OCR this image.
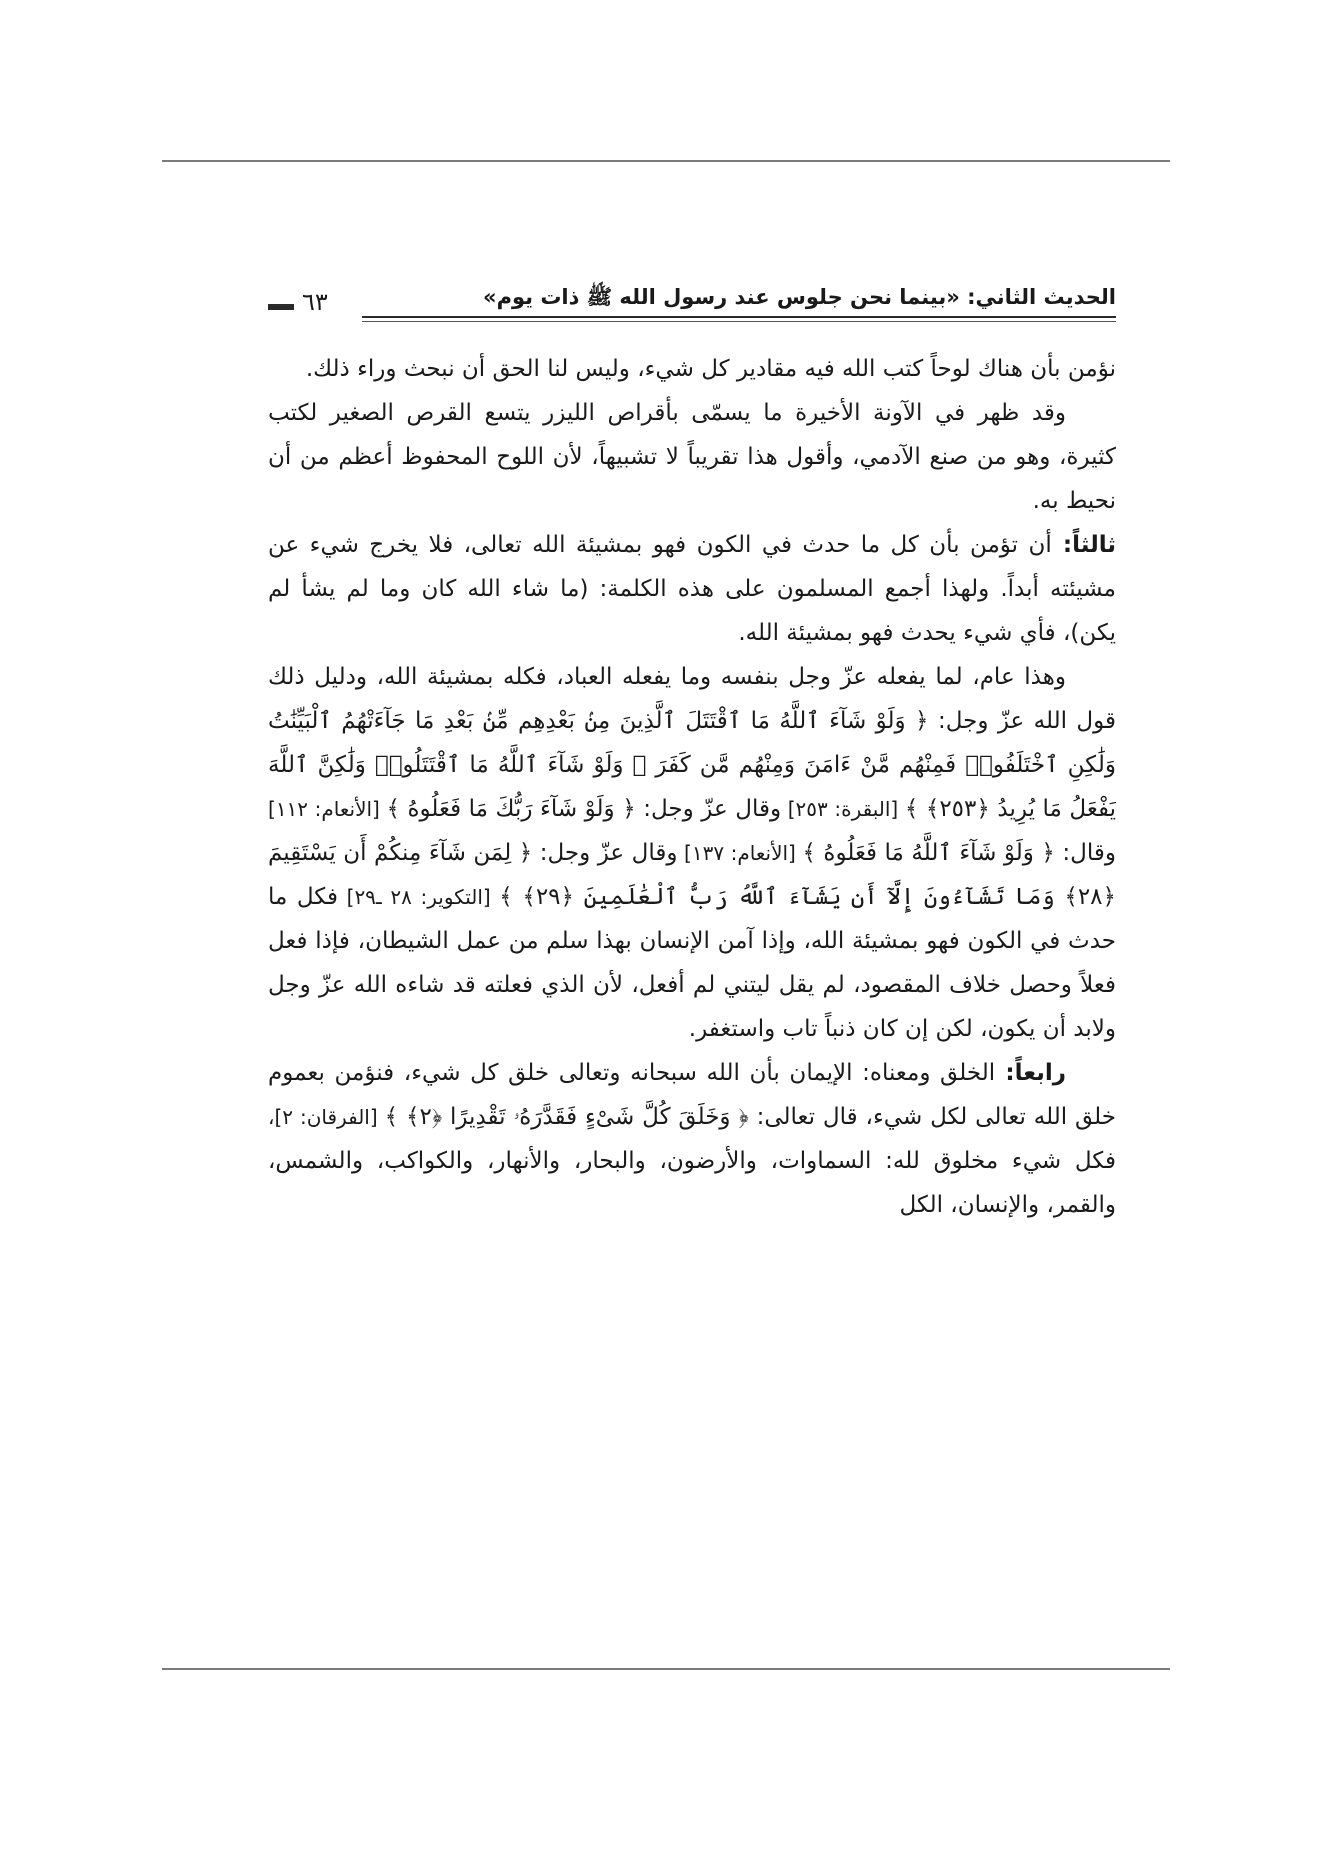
الحديث الثاني: «بينما نحن جلوس عند رسول الله ﷺ ذات يوم»
٦٣

نؤمن بأن هناك لوحاً كتب الله فيه مقادير كل شيء، وليس لنا الحق أن نبحث وراء ذلك.

وقد ظهر في الآونة الأخيرة ما يسمّى بأقراص الليزر يتسع القرص الصغير لكتب كثيرة، وهو من صنع الآدمي، وأقول هذا تقريباً لا تشبيهاً، لأن اللوح المحفوظ أعظم من أن نحيط به.

ثالثاً: أن تؤمن بأن كل ما حدث في الكون فهو بمشيئة الله تعالى، فلا يخرج شيء عن مشيئته أبداً. ولهذا أجمع المسلمون على هذه الكلمة: (ما شاء الله كان وما لم يشأ لم يكن)، فأي شيء يحدث فهو بمشيئة الله.

وهذا عام، لما يفعله عزّ وجل بنفسه وما يفعله العباد، فكله بمشيئة الله، ودليل ذلك قول الله عزّ وجل: ﴿ وَلَوْ شَآءَ ٱللَّهُ مَا ٱقْتَتَلَ ٱلَّذِينَ مِنۢ بَعْدِهِم مِّنۢ بَعْدِ مَا جَآءَتْهُمُ ٱلْبَيِّنَٰتُ وَلَٰكِنِ ٱخْتَلَفُوا۟ فَمِنْهُم مَّنْ ءَامَنَ وَمِنْهُم مَّن كَفَرَ ۚ وَلَوْ شَآءَ ٱللَّهُ مَا ٱقْتَتَلُوا۟ وَلَٰكِنَّ ٱللَّهَ يَفْعَلُ مَا يُرِيدُ ﴿٢٥٣﴾ ﴾ [البقرة: ٢٥٣] وقال عزّ وجل: ﴿ وَلَوْ شَآءَ رَبُّكَ مَا فَعَلُوهُ ﴾ [الأنعام: ١١٢] وقال: ﴿ وَلَوْ شَآءَ ٱللَّهُ مَا فَعَلُوهُ ﴾ [الأنعام: ١٣٧] وقال عزّ وجل: ﴿ لِمَن شَآءَ مِنكُمْ أَن يَسْتَقِيمَ ﴿٢٨﴾ وَمَا تَشَآءُونَ إِلَّآ أَن يَشَآءَ ٱللَّهُ رَبُّ ٱلْعَٰلَمِينَ ﴿٢٩﴾ ﴾ [التكوير: ٢٨ ـ٢٩] فكل ما حدث في الكون فهو بمشيئة الله، وإذا آمن الإنسان بهذا سلم من عمل الشيطان، فإذا فعل فعلاً وحصل خلاف المقصود، لم يقل ليتني لم أفعل، لأن الذي فعلته قد شاءه الله عزّ وجل ولابد أن يكون، لكن إن كان ذنباً تاب واستغفر.

رابعاً: الخلق ومعناه: الإيمان بأن الله سبحانه وتعالى خلق كل شيء، فنؤمن بعموم خلق الله تعالى لكل شيء، قال تعالى: ﴿ وَخَلَقَ كُلَّ شَىْءٍ فَقَدَّرَهُۥ تَقْدِيرًا ﴿٢﴾ ﴾ [الفرقان: ٢]، فكل شيء مخلوق لله: السماوات، والأرضون، والبحار، والأنهار، والكواكب، والشمس، والقمر، والإنسان، الكل
